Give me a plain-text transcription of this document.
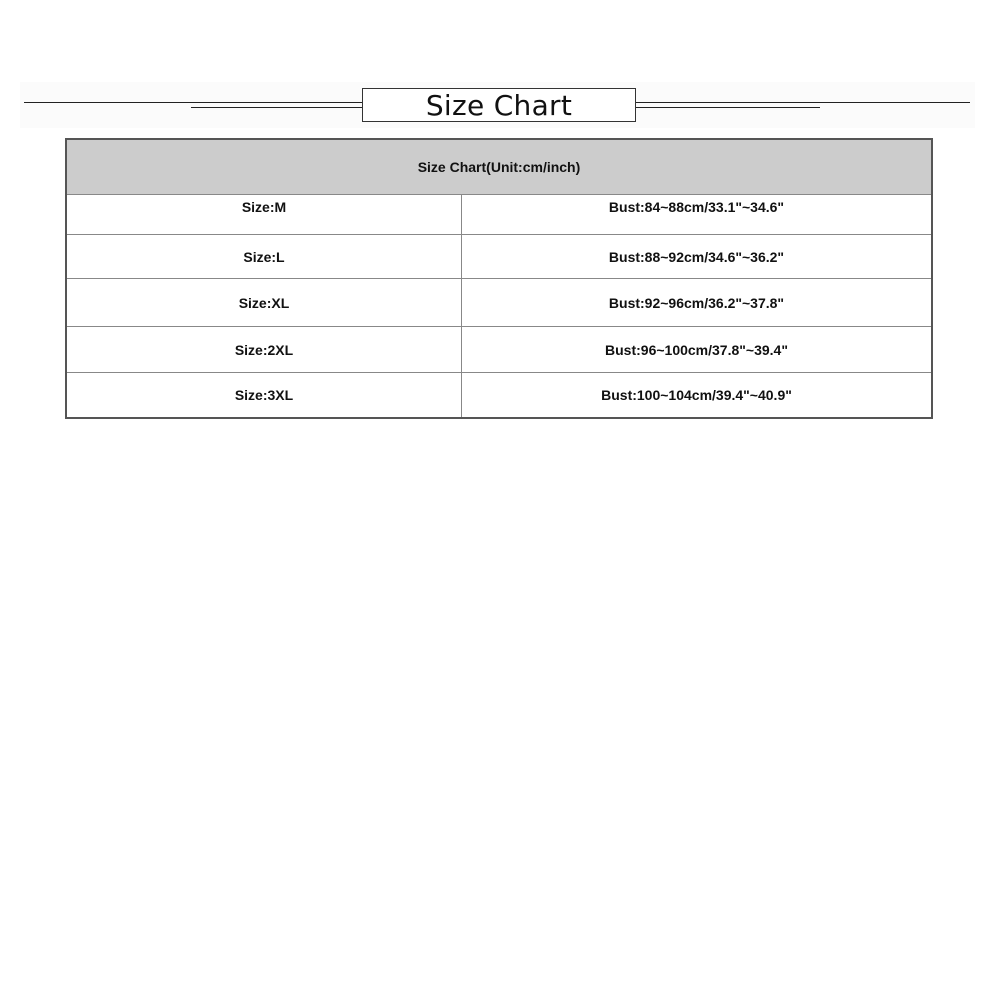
Size Chart
Size Chart(Unit:cm/inch)	
Size:M	Bust:84~88cm/33.1"~34.6"
Size:L	Bust:88~92cm/34.6"~36.2"
Size:XL	Bust:92~96cm/36.2"~37.8"
Size:2XL	Bust:96~100cm/37.8"~39.4"
Size:3XL	Bust:100~104cm/39.4"~40.9"
